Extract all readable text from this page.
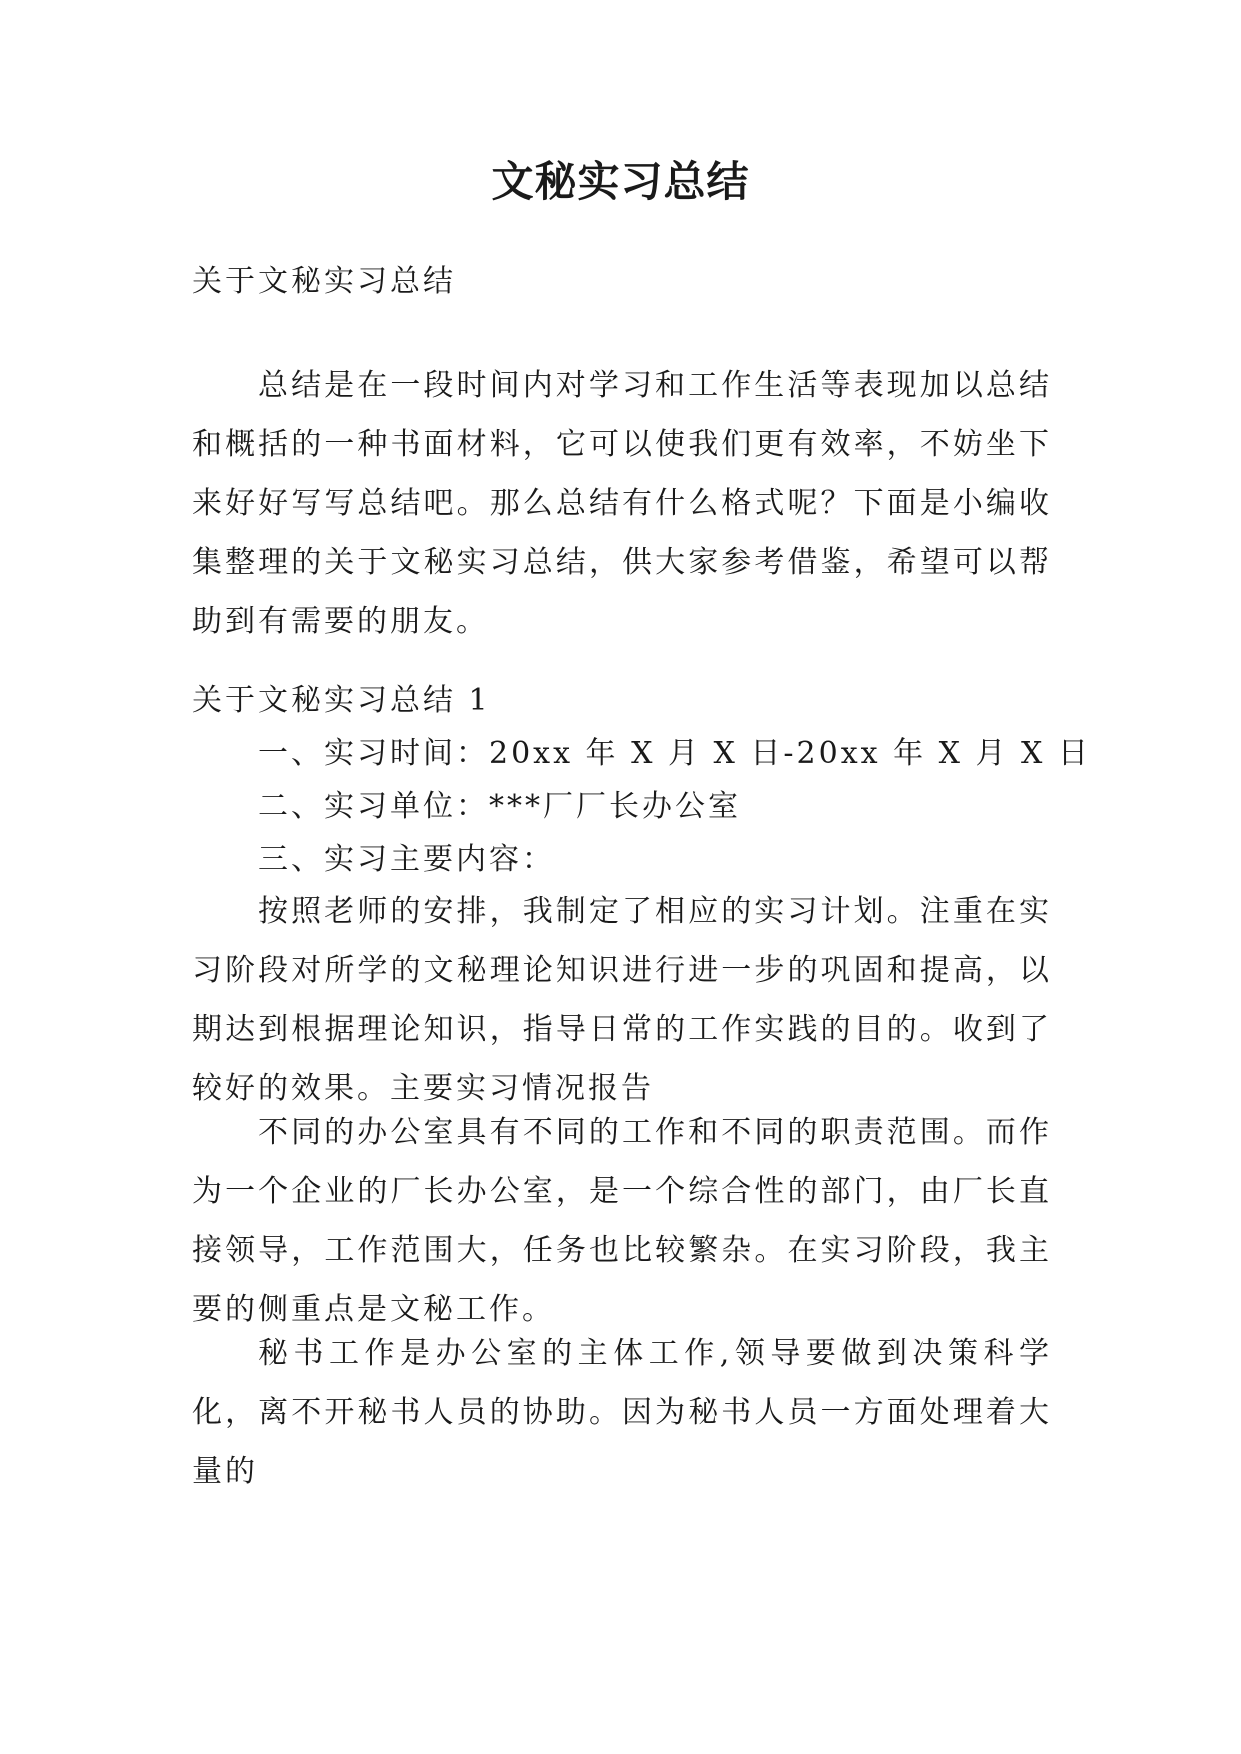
文秘实习总结

关于文秘实习总结

总结是在一段时间内对学习和工作生活等表现加以总结和概括的一种书面材料，它可以使我们更有效率，不妨坐下来好好写写总结吧。那么总结有什么格式呢？下面是小编收集整理的关于文秘实习总结，供大家参考借鉴，希望可以帮助到有需要的朋友。

关于文秘实习总结 1

一、实习时间：20xx 年 X 月 X 日-20xx 年 X 月 X 日

二、实习单位：***厂厂长办公室

三、实习主要内容：

按照老师的安排，我制定了相应的实习计划。注重在实习阶段对所学的文秘理论知识进行进一步的巩固和提高，以期达到根据理论知识，指导日常的工作实践的目的。收到了较好的效果。主要实习情况报告

不同的办公室具有不同的工作和不同的职责范围。而作为一个企业的厂长办公室，是一个综合性的部门，由厂长直接领导，工作范围大，任务也比较繁杂。在实习阶段，我主要的侧重点是文秘工作。

秘书工作是办公室的主体工作,领导要做到决策科学化，离不开秘书人员的协助。因为秘书人员一方面处理着大量的
